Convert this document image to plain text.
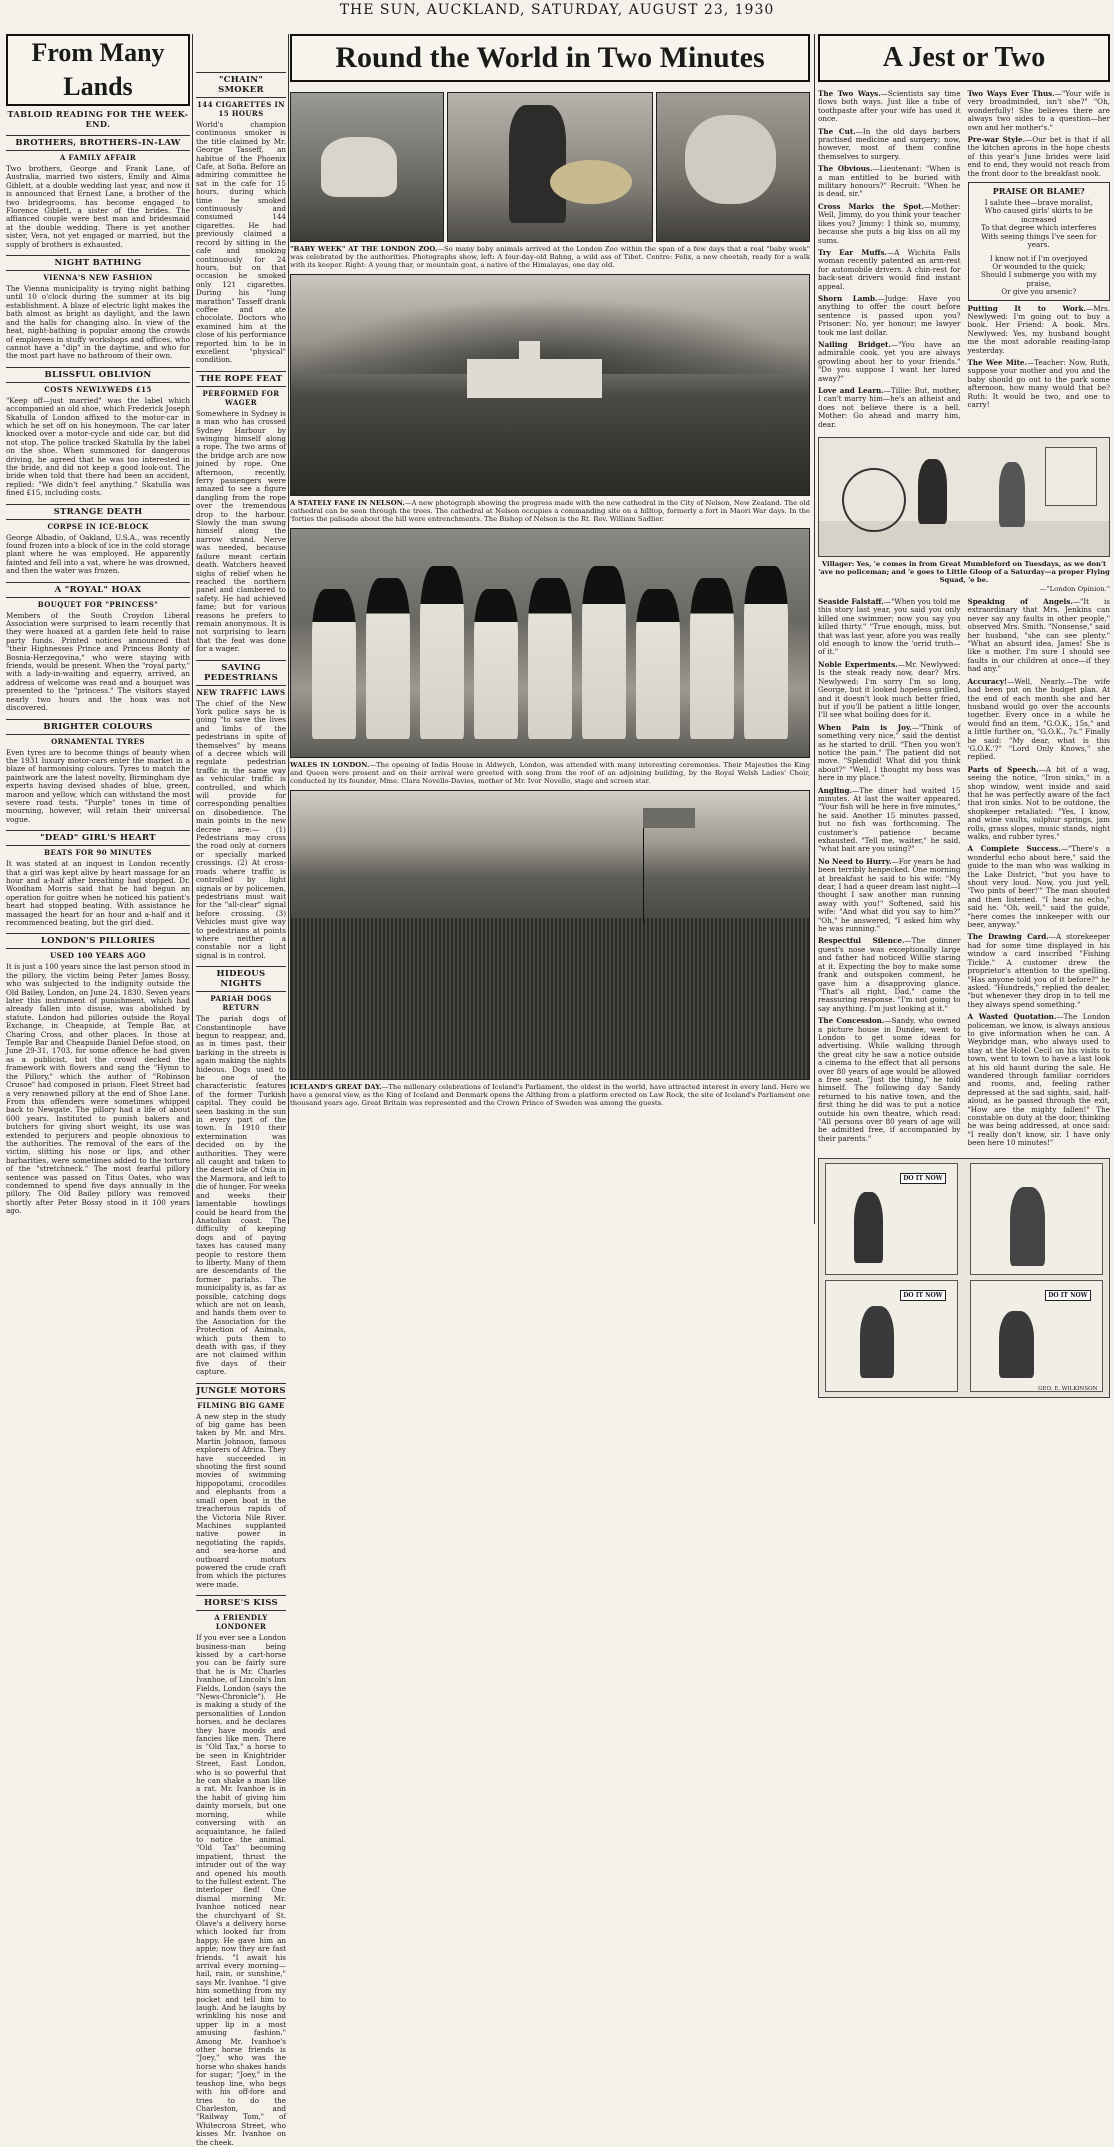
THE SUN, AUCKLAND, SATURDAY, AUGUST 23, 1930
From Many Lands
TABLOID READING FOR THE WEEK-END.
BROTHERS, BROTHERS-IN-LAW
A FAMILY AFFAIR
Two brothers, George and Frank Lane, of Australia, married two sisters, Emily and Alma Giblett, at a double wedding last year, and now it is announced that Ernest Lane, a brother of the two bridegrooms, has become engaged to Florence Giblett, a sister of the brides. The affianced couple were best man and bridesmaid at the double wedding. There is yet another sister, Vera, not yet engaged or married, but the supply of brothers is exhausted.
NIGHT BATHING
VIENNA'S NEW FASHION
The Vienna municipality is trying night bathing until 10 o'clock during the summer at its big establishment. A blaze of electric light makes the bath almost as bright as daylight, and the lawn and the halls for changing also. In view of the heat, night-bathing is popular among the crowds of employees in stuffy workshops and offices, who cannot have a "dip" in the daytime, and who for the most part have no bathroom of their own.
BLISSFUL OBLIVION
COSTS NEWLYWEDS £15
"Keep off—just married" was the label which accompanied an old shoe, which Frederick Joseph Skatulla of London affixed to the motor-car in which he set off on his honeymoon. The car later knocked over a motor-cycle and side car, but did not stop. The police tracked Skatulla by the label on the shoe. When summoned for dangerous driving, he agreed that he was too interested in the bride, and did not keep a good look-out. The bride when told that there had been an accident, replied: "We didn't feel anything." Skatulla was fined £15, including costs.
STRANGE DEATH
CORPSE IN ICE-BLOCK
George Albadio, of Oakland, U.S.A., was recently found frozen into a block of ice in the cold storage plant where he was employed. He apparently fainted and fell into a vat, where he was drowned, and then the water was frozen.
A "ROYAL" HOAX
BOUQUET FOR "PRINCESS"
Members of the South Croydon Liberal Association were surprised to learn recently that they were hoaxed at a garden fete held to raise party funds. Printed notices announced that "their Highnesses Prince and Princess Bonty of Bosnia-Herzegovina," who were staying with friends, would be present. When the "royal party," with a lady-in-waiting and equerry, arrived, an address of welcome was read and a bouquet was presented to the "princess." The visitors stayed nearly two hours and the hoax was not discovered.
BRIGHTER COLOURS
ORNAMENTAL TYRES
Even tyres are to become things of beauty when the 1931 luxury motor-cars enter the market in a blaze of harmonising colours. Tyres to match the paintwork are the latest novelty, Birmingham dye experts having devised shades of blue, green, maroon and yellow, which can withstand the most severe road tests. "Purple" tones in time of mourning, however, will retain their universal vogue.
"DEAD" GIRL'S HEART
BEATS FOR 90 MINUTES
It was stated at an inquest in London recently that a girl was kept alive by heart massage for an hour and a-half after breathing had stopped. Dr. Woodham Morris said that he had begun an operation for goitre when he noticed his patient's heart had stopped beating. With assistance he massaged the heart for an hour and a-half and it recommenced beating, but the girl died.
LONDON'S PILLORIES
USED 100 YEARS AGO
It is just a 100 years since the last person stood in the pillory, the victim being Peter James Bossy, who was subjected to the indignity outside the Old Bailey, London, on June 24, 1830. Seven years later this instrument of punishment, which had already fallen into disuse, was abolished by statute. London had pillories outside the Royal Exchange, in Cheapside, at Temple Bar, at Charing Cross, and other places. In those at Temple Bar and Cheapside Daniel Defoe stood, on June 29-31, 1703, for some offence he had given as a publicist, but the crowd decked the framework with flowers and sang the "Hymn to the Pillory," which the author of "Robinson Crusoe" had composed in prison. Fleet Street had a very renowned pillory at the end of Shoe Lane. From this offenders were sometimes whipped back to Newgate. The pillory had a life of about 600 years. Instituted to punish bakers and butchers for giving short weight, its use was extended to perjurers and people obnoxious to the authorities. The removal of the ears of the victim, slitting his nose or lips, and other barbarities, were sometimes added to the torture of the "stretchneck." The most fearful pillory sentence was passed on Titus Oates, who was condemned to spend five days annually in the pillory. The Old Bailey pillory was removed shortly after Peter Bossy stood in it 100 years ago.
"CHAIN" SMOKER
144 CIGARETTES IN 15 HOURS
World's champion continuous smoker is the title claimed by Mr. George Tasseff, an habitue of the Phoenix Cafe, at Sofia. Before an admiring committee he sat in the cafe for 15 hours, during which time he smoked continuously and consumed 144 cigarettes. He had previously claimed a record by sitting in the cafe and smoking continuously for 24 hours, but on that occasion he smoked only 121 cigarettes. During his "lung marathon" Tasseff drank coffee and ate chocolate. Doctors who examined him at the close of his performance reported him to be in excellent "physical" condition.
THE ROPE FEAT
PERFORMED FOR WAGER
Somewhere in Sydney is a man who has crossed Sydney Harbour by swinging himself along a rope. The two arms of the bridge arch are now joined by rope. One afternoon, recently, ferry passengers were amazed to see a figure dangling from the rope over the tremendous drop to the harbour. Slowly the man swung himself along the narrow strand. Nerve was needed, because failure meant certain death. Watchers heaved sighs of relief when he reached the northern panel and clambered to safety. He had achieved fame; but for various reasons he prefers to remain anonymous. It is not surprising to learn that the feat was done for a wager.
SAVING PEDESTRIANS
NEW TRAFFIC LAWS
The chief of the New York police says he is going "to save the lives and limbs of the pedestrians in spite of themselves" by means of a decree which will regulate pedestrian traffic in the same way as vehicular traffic is controlled, and which will provide for corresponding penalties on disobedience. The main points in the new decree are:— (1) Pedestrians may cross the road only at corners or specially marked crossings. (2) At cross-roads where traffic is controlled by light signals or by policemen, pedestrians must wait for the "all-clear" signal before crossing. (3) Vehicles must give way to pedestrians at points where neither a constable nor a light signal is in control.
HIDEOUS NIGHTS
PARIAH DOGS RETURN
The pariah dogs of Constantinople have begun to reappear, and, as in times past, their barking in the streets is again making the nights hideous. Dogs used to be one of the characteristic features of the former Turkish capital. They could be seen basking in the sun in every part of the town. In 1910 their extermination was decided on by the authorities. They were all caught and taken to the desert isle of Oxia in the Marmora, and left to die of hunger. For weeks and weeks their lamentable howlings could be heard from the Anatolian coast. The difficulty of keeping dogs and of paying taxes has caused many people to restore them to liberty. Many of them are descendants of the former pariahs. The municipality is, as far as possible, catching dogs which are not on leash, and hands them over to the Association for the Protection of Animals, which puts them to death with gas, if they are not claimed within five days of their capture.
JUNGLE MOTORS
FILMING BIG GAME
A new step in the study of big game has been taken by Mr. and Mrs. Martin Johnson, famous explorers of Africa. They have succeeded in shooting the first sound movies of swimming hippopotami, crocodiles and elephants from a small open boat in the treacherous rapids of the Victoria Nile River. Machines supplanted native power in negotiating the rapids, and sea-horse and outboard motors powered the crude craft from which the pictures were made.
HORSE'S KISS
A FRIENDLY LONDONER
If you ever see a London business-man being kissed by a cart-horse you can be fairly sure that he is Mr. Charles Ivanhoe, of Lincoln's Inn Fields, London (says the "News-Chronicle"). He is making a study of the personalities of London horses, and he declares they have moods and fancies like men. There is "Old Tax," a horse to be seen in Knightrider Street, East London, who is so powerful that he can shake a man like a rat. Mr. Ivanhoe is in the habit of giving him dainty morsels, but one morning, while conversing with an acquaintance, he failed to notice the animal. "Old Tax" becoming impatient, thrust the intruder out of the way and opened his mouth to the fullest extent. The interloper fled! One dismal morning Mr. Ivanhoe noticed near the churchyard of St. Olave's a delivery horse which looked far from happy. He gave him an apple; now they are fast friends. "I await his arrival every morning—hail, rain, or sunshine," says Mr. Ivanhoe. "I give him something from my pocket and tell him to laugh. And he laughs by wrinkling his nose and upper lip in a most amusing fashion." Among Mr. Ivanhoe's other horse friends is "Joey," who was the horse who shakes hands for sugar; "Joey," in the teashop line, who begs with his off-fore and tries to do the Charleston, and "Railway Tom," of Whitecross Street, who kisses Mr. Ivanhoe on the cheek.
Round the World in Two Minutes
"BABY WEEK" AT THE LONDON ZOO.—So many baby animals arrived at the London Zoo within the span of a few days that a real "baby week" was celebrated by the authorities. Photographs show, left: A four-day-old Bahng, a wild ass of Tibet. Centre: Felix, a new cheetah, ready for a walk with its keeper. Right: A young thar, or mountain goat, a native of the Himalayas, one day old.
A STATELY FANE IN NELSON.—A new photograph showing the progress made with the new cathedral in the City of Nelson, New Zealand. The old cathedral can be seen through the trees. The cathedral at Nelson occupies a commanding site on a hilltop, formerly a fort in Maori War days. In the 'forties the palisade about the hill were entrenchments. The Bishop of Nelson is the Rt. Rev. William Sadlier.
WALES IN LONDON.—The opening of India House in Aldwych, London, was attended with many interesting ceremonies. Their Majesties the King and Queen were present and on their arrival were greeted with song from the roof of an adjoining building, by the Royal Welsh Ladies' Choir, conducted by its founder, Mme. Clara Novello-Davies, mother of Mr. Ivor Novello, stage and screen star.
ICELAND'S GREAT DAY.—The millenary celebrations of Iceland's Parliament, the oldest in the world, have attracted interest in every land. Here we have a general view, as the King of Iceland and Denmark opens the Althing from a platform erected on Law Rock, the site of Iceland's Parliament one thousand years ago. Great Britain was represented and the Crown Prince of Sweden was among the guests.
A Jest or Two
The Two Ways.—Scientists say time flows both ways. Just like a tube of toothpaste after your wife has used it once.
The Cut.—In the old days barbers practised medicine and surgery; now, however, most of them confine themselves to surgery.
The Obvious.—Lieutenant: "When is a man entitled to be buried with military honours?" Recruit: "When he is dead, sir."
Cross Marks the Spot.—Mother: Well, Jimmy, do you think your teacher likes you? Jimmy: I think so, mummy, because she puts a big kiss on all my sums.
Try Ear Muffs.—A Wichita Falls woman recently patented an arm-rest for automobile drivers. A chin-rest for back-seat drivers would find instant appeal.
Shorn Lamb.—Judge: Have you anything to offer the court before sentence is passed upon you? Prisoner: No, yer honour; me lawyer took me last dollar.
Nailing Bridget.—"You have an admirable cook, yet you are always growling about her to your friends." "Do you suppose I want her lured away?"
Love and Learn.—Tillie: But, mother, I can't marry him—he's an atheist and does not believe there is a hell. Mother: Go ahead and marry him, dear.
Two Ways Ever Thus.—"Your wife is very broadminded, isn't she?" "Oh, wonderfully! She believes there are always two sides to a question—her own and her mother's."
Pre-war Style.—Our bet is that if all the kitchen aprons in the hope chests of this year's June brides were laid end to end, they would not reach from the front door to the breakfast nook.
PRAISE OR BLAME?
I salute thee—brave moralist,
Who caused girls' skirts to be increased
To that degree which interferes
With seeing things I've seen for years.
I know not if I'm overjoyed
Or wounded to the quick;
Should I submerge you with my praise,
Or give you arsenic?
Putting It to Work.—Mrs. Newlywed: I'm going out to buy a book. Her Friend: A book. Mrs. Newlywed: Yes, my husband bought me the most adorable reading-lamp yesterday.
The Wee Mite.—Teacher: Now, Ruth, suppose your mother and you and the baby should go out to the park some afternoon, how many would that be? Ruth: It would be two, and one to carry!
Villager: Yes, 'e comes in from Great Mumbleford on Tuesdays, as we don't 'ave no policeman; and 'e goes to Little Gloop of a Saturday—a proper Flying Squad, 'e be.
—"London Opinion."
Seaside Falstaff.—"When you told me this story last year, you said you only killed one swimmer; now you say you killed thirty." "True enough, miss, but that was last year, afore you was really old enough to know the 'orrid truth—of it."
Noble Experiments.—Mr. Newlywed: Is the steak ready now, dear? Mrs. Newlywed: I'm sorry I'm so long, George, but it looked hopeless grilled, and it doesn't look much better fried, but if you'll be patient a little longer, I'll see what boiling does for it.
When Pain is Joy.—"Think of something very nice," said the dentist as he started to drill. "Then you won't notice the pain." The patient did not move. "Splendid! What did you think about?" "Well, I thought my boss was here in my place."
Angling.—The diner had waited 15 minutes. At last the waiter appeared. "Your fish will be here in five minutes," he said. Another 15 minutes passed, but no fish was forthcoming. The customer's patience became exhausted. "Tell me, waiter," he said, "what bait are you using?"
No Need to Hurry.—For years he had been terribly henpecked. One morning at breakfast he said to his wife: "My dear, I had a queer dream last night—I thought I saw another man running away with you!" Softened, said his wife: "And what did you say to him?" "Oh," he answered, "I asked him why he was running."
Respectful Silence.—The dinner guest's nose was exceptionally large and father had noticed Willie staring at it. Expecting the boy to make some frank and outspoken comment, he gave him a disapproving glance. "That's all right, Dad," came the reassuring response. "I'm not going to say anything. I'm just looking at it."
The Concession.—Sandy, who owned a picture house in Dundee, went to London to get some ideas for advertising. While walking through the great city he saw a notice outside a cinema to the effect that all persons over 80 years of age would be allowed a free seat. "Just the thing," he told himself. The following day Sandy returned to his native town, and the first thing he did was to put a notice outside his own theatre, which read: "All persons over 80 years of age will be admitted free, if accompanied by their parents."
Speaking of Angels.—"It is extraordinary that Mrs. Jenkins can never say any faults in other people," observed Mrs. Smith. "Nonsense," said her husband, "she can see plenty." "What an absurd idea, James! She is like a mother. I'm sure I should see faults in our children at once—if they had any."
Accuracy!—Well, Nearly.—The wife had been put on the budget plan. At the end of each month she and her husband would go over the accounts together. Every once in a while he would find an item, "G.O.K., 15s," and a little further on, "G.O.K., 7s." Finally he said: "My dear, what is this 'G.O.K.'?" "Lord Only Knows," she replied.
Parts of Speech.—A bit of a wag, seeing the notice, "Iron sinks," in a shop window, went inside and said that he was perfectly aware of the fact that iron sinks. Not to be outdone, the shopkeeper retaliated: "Yes, I know, and wine vaults, sulphur springs, jam rolls, grass slopes, music stands, night walks, and rubber tyres."
A Complete Success.—"There's a wonderful echo about here," said the guide to the man who was walking in the Lake District, "but you have to shout very loud. Now, you just yell, 'Two pints of beer!'" The man shouted and then listened. "I hear no echo," said he. "Oh, well," said the guide, "here comes the innkeeper with our beer, anyway."
The Drawing Card.—A storekeeper had for some time displayed in his window a card inscribed "Fishing Tickle." A customer drew the proprietor's attention to the spelling. "Has anyone told you of it before?" he asked. "Hundreds," replied the dealer, "but whenever they drop in to tell me they always spend something."
A Wasted Quotation.—The London policeman, we know, is always anxious to give information when he can. A Weybridge man, who always used to stay at the Hotel Cecil on his visits to town, went to town to have a last look at his old haunt during the sale. He wandered through familiar corridors and rooms, and, feeling rather depressed at the sad sights, said, half-aloud, as he passed through the exit, "How are the mighty fallen!" The constable on duty at the door, thinking he was being addressed, at once said: "I really don't know, sir. I have only been here 10 minutes!"
DO IT NOW
DO IT NOW	DO IT NOW
GEO. E. WILKINSON
